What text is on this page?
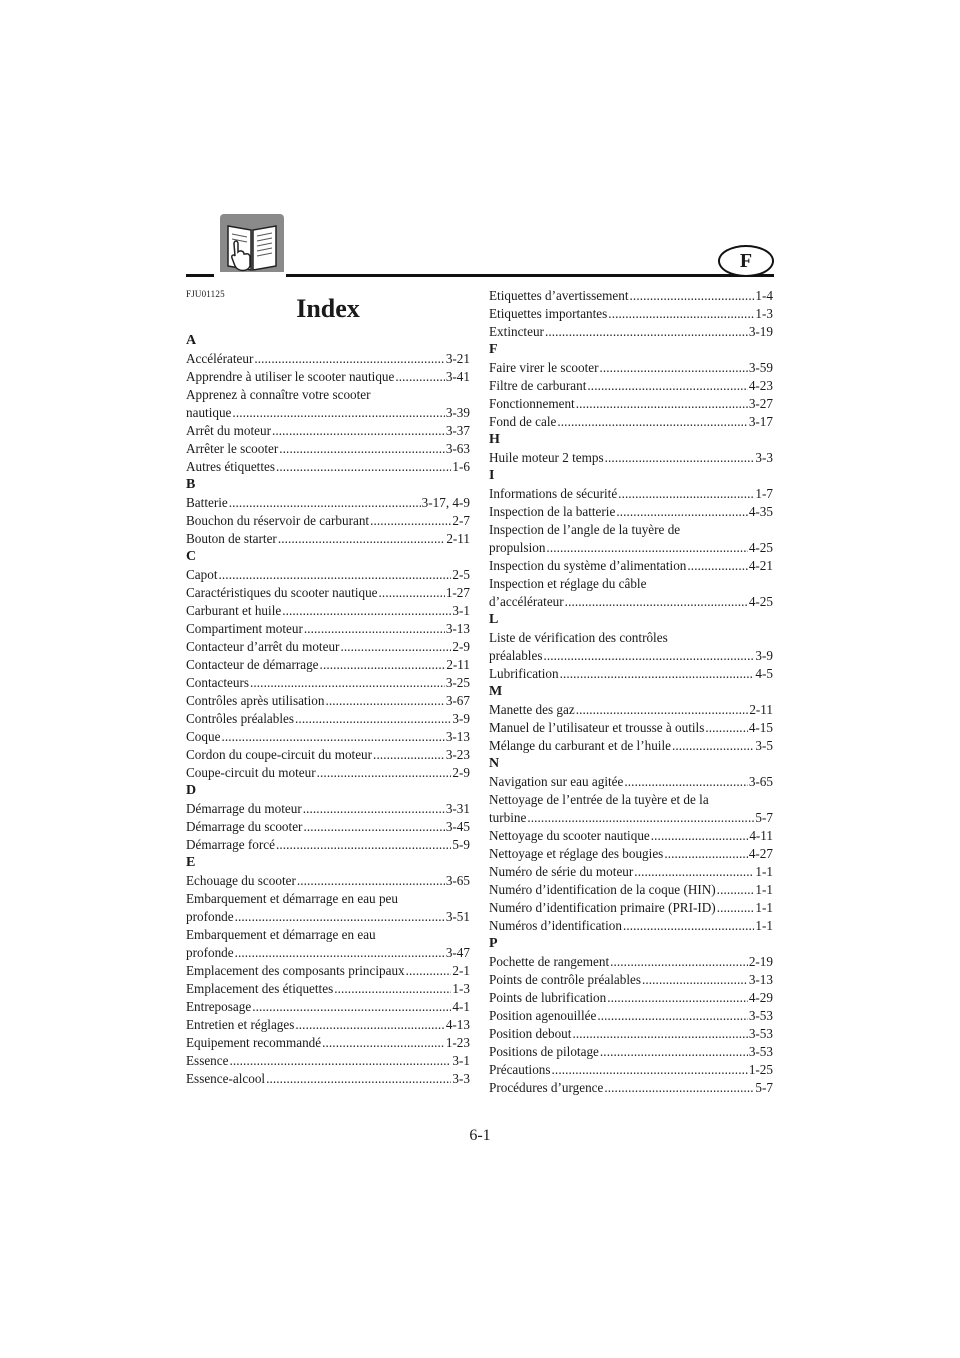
F
FJU01125	Index
A
Accélérateur . . .	3-21
Apprendre à utiliser le scooter nautique . . .	3-41
Apprenez à connaître votre scooter
nautique . . .	3-39
Arrêt du moteur . . .	3-37
Arrêter le scooter . . .	3-63
Autres étiquettes . . .	1-6
B
Batterie . . .	3-17, 4-9
Bouchon du réservoir de carburant . . .	2-7
Bouton de starter . . .	2-11
C
Capot . . .	2-5
Caractéristiques du scooter nautique . . .	1-27
Carburant et huile . . .	3-1
Compartiment moteur . . .	3-13
Contacteur d’arrêt du moteur . . .	2-9
Contacteur de démarrage . . .	2-11
Contacteurs . . .	3-25
Contrôles après utilisation . . .	3-67
Contrôles préalables . . .	3-9
Coque . . .	3-13
Cordon du coupe-circuit du moteur . . .	3-23
Coupe-circuit du moteur . . .	2-9
D
Démarrage du moteur . . .	3-31
Démarrage du scooter . . .	3-45
Démarrage forcé . . .	5-9
E
Echouage du scooter . . .	3-65
Embarquement et démarrage en eau peu
profonde . . .	3-51
Embarquement et démarrage en eau
profonde . . .	3-47
Emplacement des composants principaux . . .	2-1
Emplacement des étiquettes . . .	1-3
Entreposage . . .	4-1
Entretien et réglages . . .	4-13
Equipement recommandé . . .	1-23
Essence . . .	3-1
Essence-alcool . . .	3-3
Etiquettes d’avertissement . . .	1-4
Etiquettes importantes . . .	1-3
Extincteur . . .	3-19
F
Faire virer le scooter . . .	3-59
Filtre de carburant . . .	4-23
Fonctionnement . . .	3-27
Fond de cale . . .	3-17
H
Huile moteur 2 temps . . .	3-3
I
Informations de sécurité . . .	1-7
Inspection de la batterie . . .	4-35
Inspection de l’angle de la tuyère de
propulsion . . .	4-25
Inspection du système d’alimentation . . .	4-21
Inspection et réglage du câble
d’accélérateur . . .	4-25
L
Liste de vérification des contrôles
préalables . . .	3-9
Lubrification . . .	4-5
M
Manette des gaz . . .	2-11
Manuel de l’utilisateur et trousse à outils . . .	4-15
Mélange du carburant et de l’huile . . .	3-5
N
Navigation sur eau agitée . . .	3-65
Nettoyage de l’entrée de la tuyère et de la
turbine . . .	5-7
Nettoyage du scooter nautique . . .	4-11
Nettoyage et réglage des bougies . . .	4-27
Numéro de série du moteur . . .	1-1
Numéro d’identification de la coque (HIN) . . .	1-1
Numéro d’identification primaire (PRI-ID) . . .	1-1
Numéros d’identification . . .	1-1
P
Pochette de rangement . . .	2-19
Points de contrôle préalables . . .	3-13
Points de lubrification . . .	4-29
Position agenouillée . . .	3-53
Position debout . . .	3-53
Positions de pilotage . . .	3-53
Précautions . . .	1-25
Procédures d’urgence . . .	5-7
6-1
